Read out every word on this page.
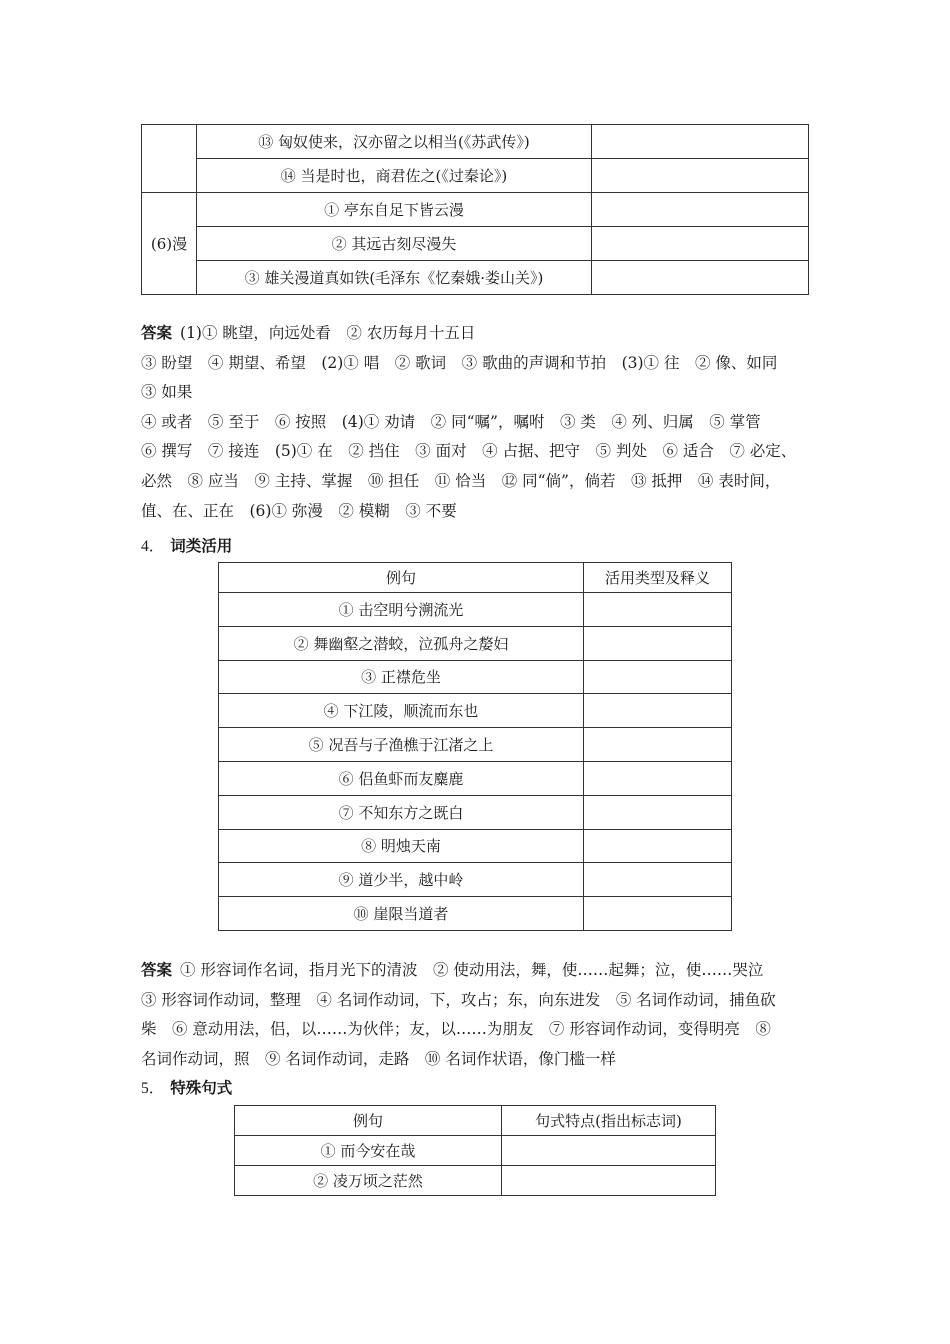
	⑬ 匈奴使来，汉亦留之以相当(《苏武传》)	
	⑭ 当是时也，商君佐之(《过秦论》)	
(6)漫	① 亭东自足下皆云漫	
	② 其远古刻尽漫失	
	③ 雄关漫道真如铁(毛泽东《忆秦娥·娄山关》)	
答案 (1)① 眺望，向远处看　② 农历每月十五日
③ 盼望　④ 期望、希望　(2)① 唱　② 歌词　③ 歌曲的声调和节拍　(3)① 往　② 像、如同
③ 如果
④ 或者　⑤ 至于　⑥ 按照　(4)① 劝请　② 同“嘱”，嘱咐　③ 类　④ 列、归属　⑤ 掌管
⑥ 撰写　⑦ 接连　(5)① 在　② 挡住　③ 面对　④ 占据、把守　⑤ 判处　⑥ 适合　⑦ 必定、
必然　⑧ 应当　⑨ 主持、掌握　⑩ 担任　⑪ 恰当　⑫ 同“倘”，倘若　⑬ 抵押　⑭ 表时间，
值、在、正在　(6)① 弥漫　② 模糊　③ 不要
4． 词类活用
例句	活用类型及释义
① 击空明兮溯流光	
② 舞幽壑之潜蛟，泣孤舟之嫠妇	
③ 正襟危坐	
④ 下江陵，顺流而东也	
⑤ 况吾与子渔樵于江渚之上	
⑥ 侣鱼虾而友麋鹿	
⑦ 不知东方之既白	
⑧ 明烛天南	
⑨ 道少半，越中岭	
⑩ 崖限当道者	
答案 ① 形容词作名词，指月光下的清波　② 使动用法，舞，使……起舞；泣，使……哭泣
③ 形容词作动词，整理　④ 名词作动词，下，攻占；东，向东进发　⑤ 名词作动词，捕鱼砍
柴　⑥ 意动用法，侣，以……为伙伴；友，以……为朋友　⑦ 形容词作动词，变得明亮　⑧
名词作动词，照　⑨ 名词作动词，走路　⑩ 名词作状语，像门槛一样
5． 特殊句式
例句	句式特点(指出标志词)
① 而今安在哉	
② 凌万顷之茫然	
